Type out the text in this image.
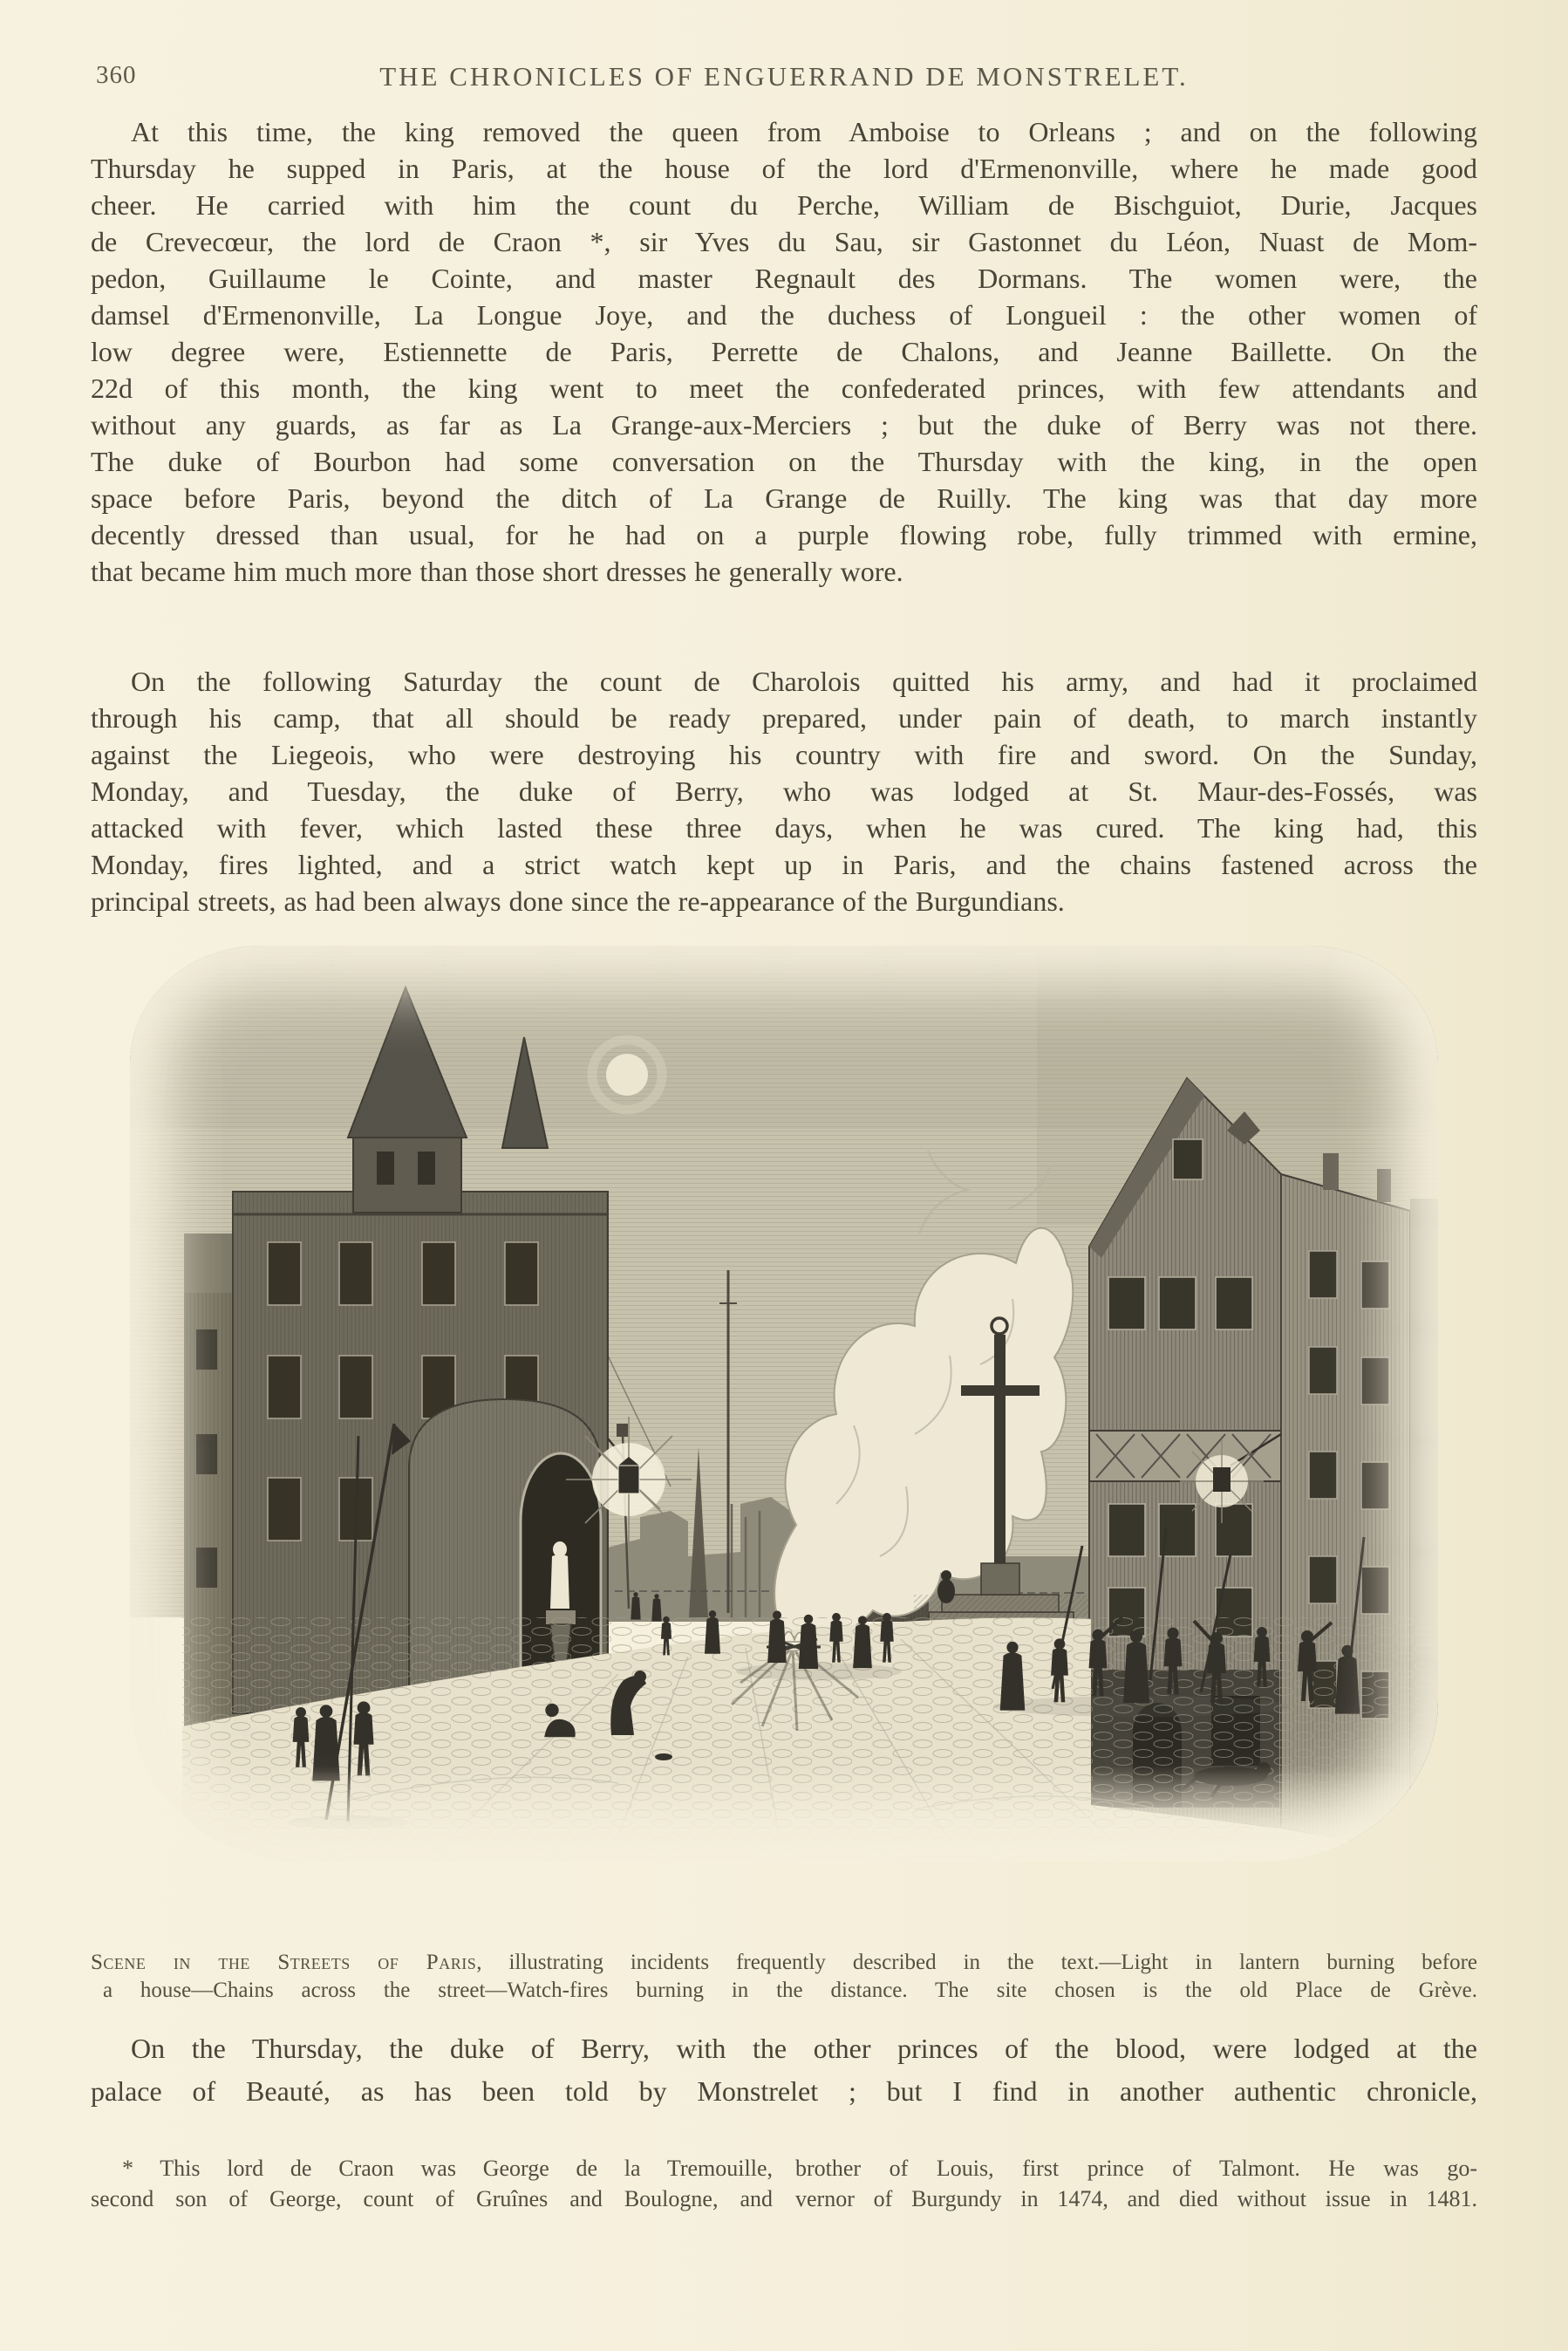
360	THE CHRONICLES OF ENGUERRAND DE MONSTRELET.
At this time, the king removed the queen from Amboise to Orleans ; and on the following
Thursday he supped in Paris, at the house of the lord d'Ermenonville, where he made good
cheer. He carried with him the count du Perche, William de Bischguiot, Durie, Jacques
de Crevecœur, the lord de Craon *, sir Yves du Sau, sir Gastonnet du Léon, Nuast de Mom-
pedon, Guillaume le Cointe, and master Regnault des Dormans. The women were, the
damsel d'Ermenonville, La Longue Joye, and the duchess of Longueil : the other women of
low degree were, Estiennette de Paris, Perrette de Chalons, and Jeanne Baillette. On the
22d of this month, the king went to meet the confederated princes, with few attendants and
without any guards, as far as La Grange-aux-Merciers ; but the duke of Berry was not there.
The duke of Bourbon had some conversation on the Thursday with the king, in the open
space before Paris, beyond the ditch of La Grange de Ruilly. The king was that day more
decently dressed than usual, for he had on a purple flowing robe, fully trimmed with ermine,
that became him much more than those short dresses he generally wore.
On the following Saturday the count de Charolois quitted his army, and had it proclaimed
through his camp, that all should be ready prepared, under pain of death, to march instantly
against the Liegeois, who were destroying his country with fire and sword. On the Sunday,
Monday, and Tuesday, the duke of Berry, who was lodged at St. Maur-des-Fossés, was
attacked with fever, which lasted these three days, when he was cured. The king had, this
Monday, fires lighted, and a strict watch kept up in Paris, and the chains fastened across the
principal streets, as had been always done since the re-appearance of the Burgundians.
Scene in the Streets of Paris, illustrating incidents frequently described in the text.—Light in lantern burning before
a house—Chains across the street—Watch-fires burning in the distance. The site chosen is the old Place de Grève.
On the Thursday, the duke of Berry, with the other princes of the blood, were lodged at the
palace of Beauté, as has been told by Monstrelet ; but I find in another authentic chronicle,
* This lord de Craon was George de la Tremouille,
second son of George, count of Gruînes and Boulogne, and
brother of Louis, first prince of Talmont. He was go-
vernor of Burgundy in 1474, and died without issue in 1481.
